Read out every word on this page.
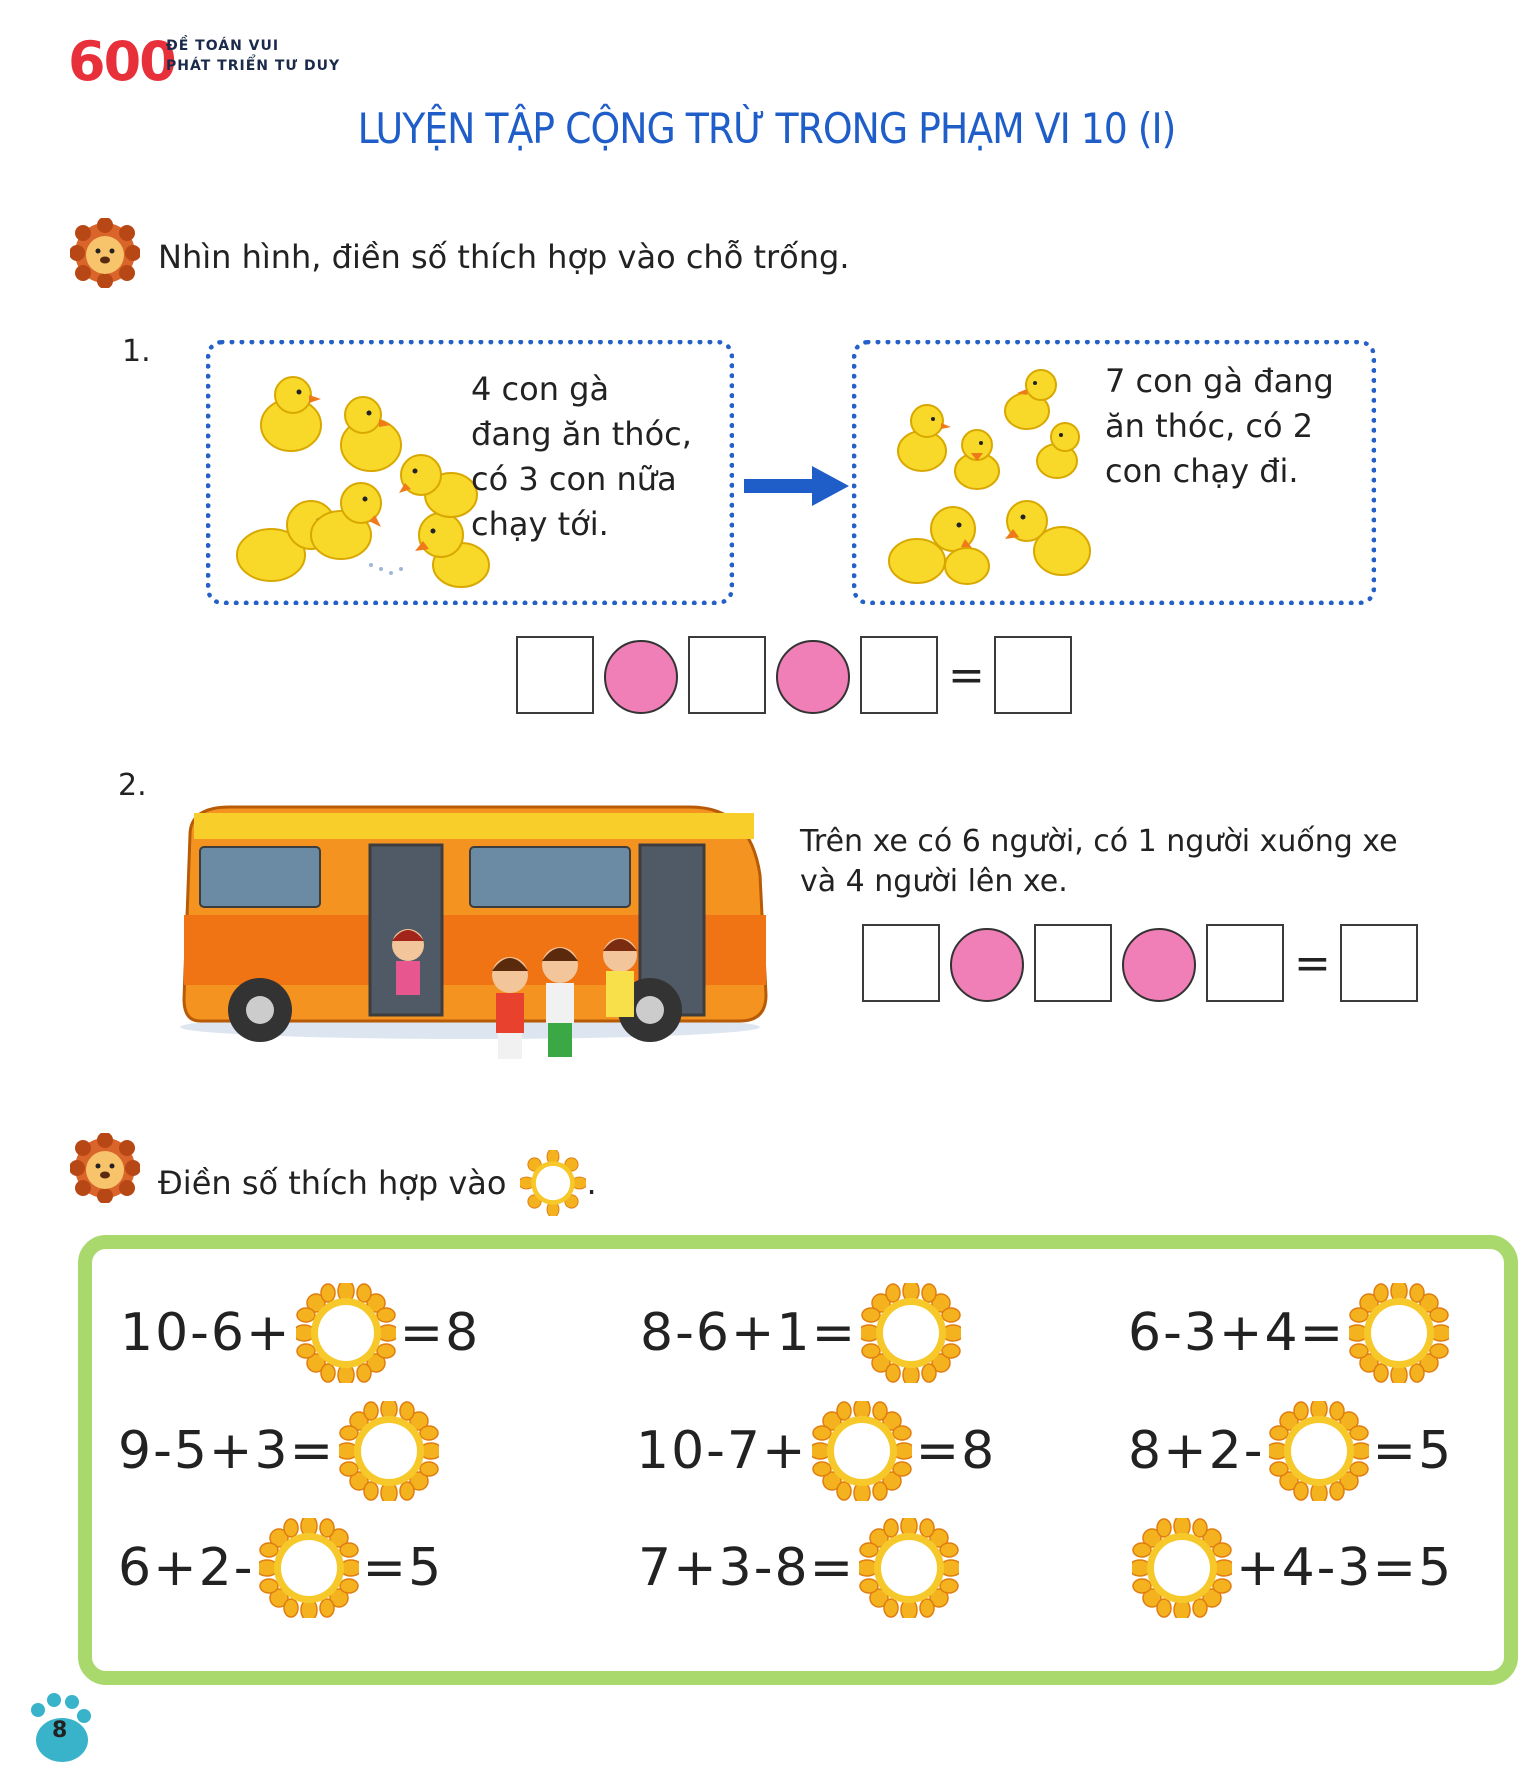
600
ĐỀ TOÁN VUI
PHÁT TRIỂN TƯ DUY
LUYỆN TẬP CỘNG TRỪ TRONG PHẠM VI 10 (I)
Nhìn hình, điền số thích hợp vào chỗ trống.
1.
4 con gà
đang ăn thóc,
có 3 con nữa
chạy tới.
7 con gà đang
ăn thóc, có 2
con chạy đi.
=
2.
Trên xe có 6 người, có 1 người xuống xe
và 4 người lên xe.
=
Điền số thích hợp vào	.
10-6+ =8	8-6+1=	6-3+4=
9-5+3=	10-7+ =8	8+2- =5
6+2- =5	7+3-8=	+4-3=5
8
